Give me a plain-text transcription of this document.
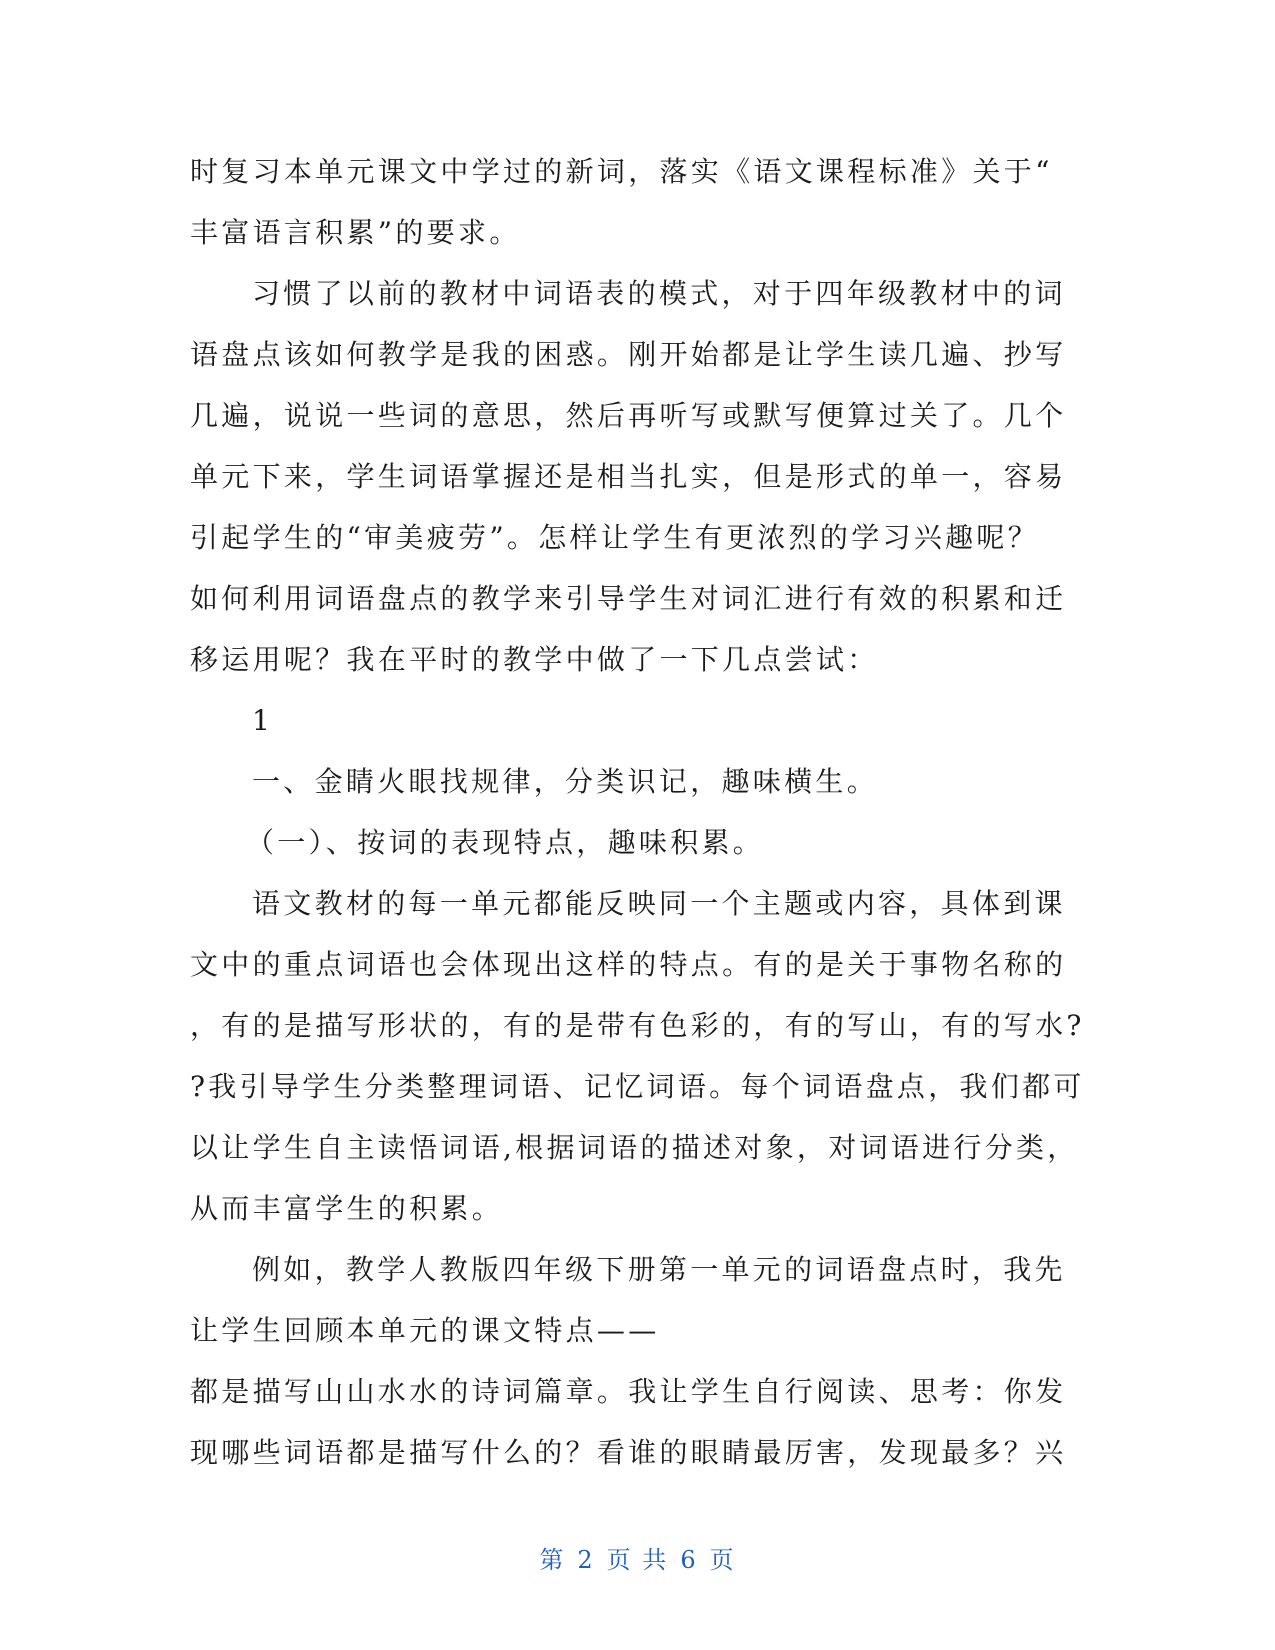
时复习本单元课文中学过的新词，落实《语文课程标准》关于“
丰富语言积累”的要求。
习惯了以前的教材中词语表的模式，对于四年级教材中的词
语盘点该如何教学是我的困惑。刚开始都是让学生读几遍、抄写
几遍，说说一些词的意思，然后再听写或默写便算过关了。几个
单元下来，学生词语掌握还是相当扎实，但是形式的单一，容易
引起学生的“审美疲劳”。怎样让学生有更浓烈的学习兴趣呢？
如何利用词语盘点的教学来引导学生对词汇进行有效的积累和迁
移运用呢？我在平时的教学中做了一下几点尝试：
1
一、金睛火眼找规律，分类识记，趣味横生。
（一）、按词的表现特点，趣味积累。
语文教材的每一单元都能反映同一个主题或内容，具体到课
文中的重点词语也会体现出这样的特点。有的是关于事物名称的
，有的是描写形状的，有的是带有色彩的，有的写山，有的写水?
?我引导学生分类整理词语、记忆词语。每个词语盘点，我们都可
以让学生自主读悟词语,根据词语的描述对象，对词语进行分类，
从而丰富学生的积累。
例如，教学人教版四年级下册第一单元的词语盘点时，我先
让学生回顾本单元的课文特点——
都是描写山山水水的诗词篇章。我让学生自行阅读、思考：你发
现哪些词语都是描写什么的？看谁的眼睛最厉害，发现最多？兴
第 2 页 共 6 页
